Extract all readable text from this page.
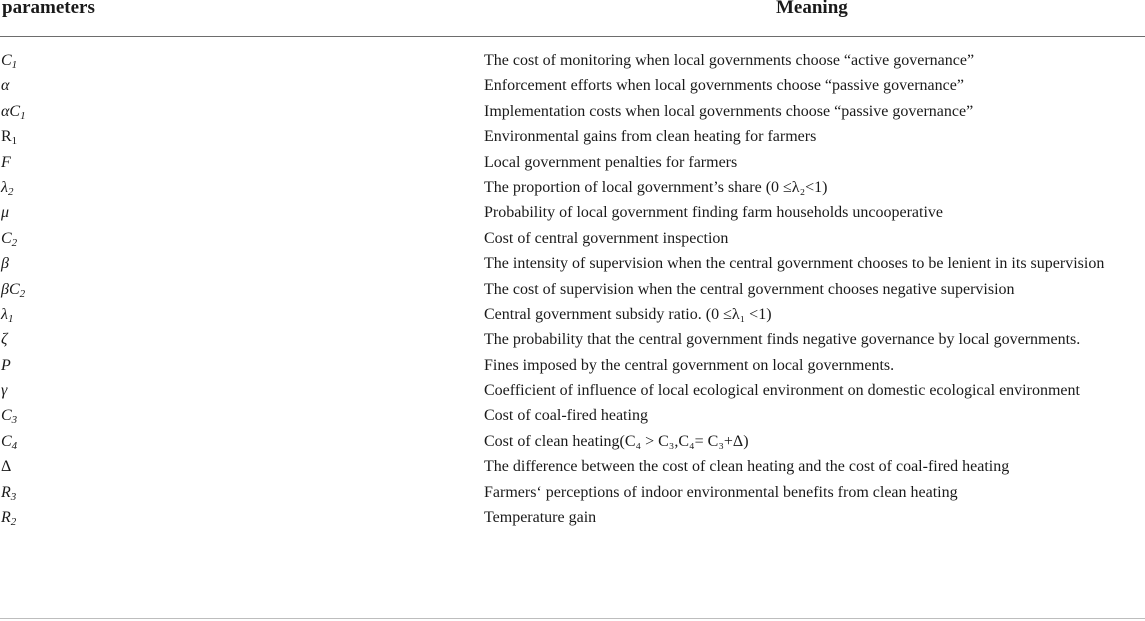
parameters	Meaning
$C_1$	The cost of monitoring when local governments choose “active governance”
α	Enforcement efforts when local governments choose “passive governance”
$\alpha C_1$	Implementation costs when local governments choose “passive governance”
$R_1$	Environmental gains from clean heating for farmers
F	Local government penalties for farmers
$\lambda_2$	The proportion of local government’s share (0 ≤λ₂<1)
μ	Probability of local government finding farm households uncooperative
$C_2$	Cost of central government inspection
β	The intensity of supervision when the central government chooses to be lenient in its supervision
$\beta C_2$	The cost of supervision when the central government chooses negative supervision
$\lambda_1$	Central government subsidy ratio. (0 ≤λ₁ <1)
ζ	The probability that the central government finds negative governance by local governments.
P	Fines imposed by the central government on local governments.
γ	Coefficient of influence of local ecological environment on domestic ecological environment
$C_3$	Cost of coal-fired heating
$C_4$	Cost of clean heating(C₄ > C₃,C₄= C₃+Δ)
Δ	The difference between the cost of clean heating and the cost of coal-fired heating
$R_3$	Farmers‘ perceptions of indoor environmental benefits from clean heating
$R_2$	Temperature gain
